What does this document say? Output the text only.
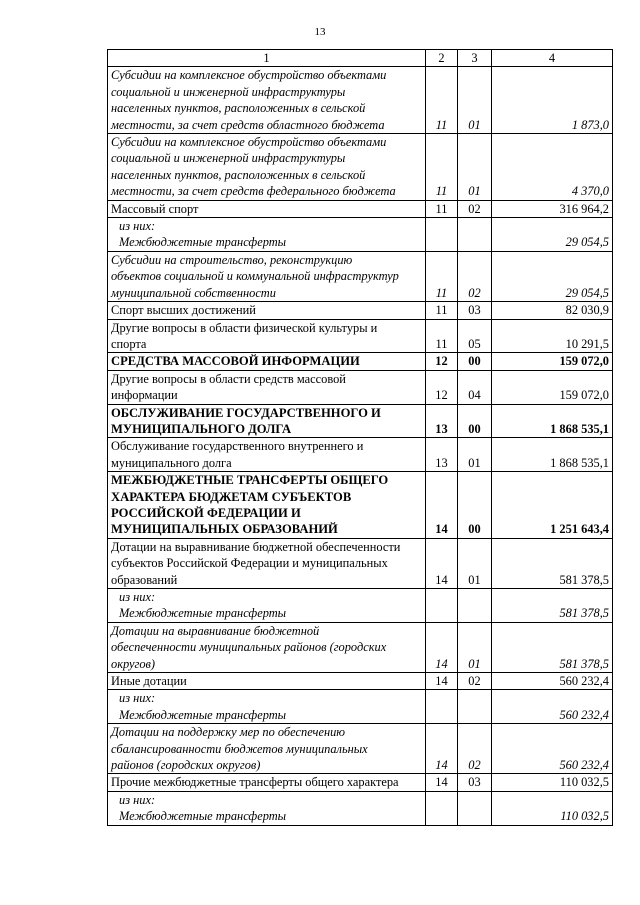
13
1	2	3	4

Субсидии на комплексное обустройство объектами
социальной и инженерной инфраструктуры
населенных пунктов, расположенных в сельской
местности, за счет средств областного бюджета	11	01	1 873,0

Субсидии на комплексное обустройство объектами
социальной и инженерной инфраструктуры
населенных пунктов, расположенных в сельской
местности, за счет средств федерального бюджета	11	01	4 370,0

Массовый спорт	11	02	316 964,2

из них:
Межбюджетные трансферты			29 054,5

Субсидии на строительство, реконструкцию
объектов социальной и коммунальной инфраструктур
муниципальной собственности	11	02	29 054,5

Спорт высших достижений	11	03	82 030,9

Другие вопросы в области физической культуры и
спорта	11	05	10 291,5

СРЕДСТВА МАССОВОЙ ИНФОРМАЦИИ	12	00	159 072,0

Другие вопросы в области средств массовой
информации	12	04	159 072,0

ОБСЛУЖИВАНИЕ ГОСУДАРСТВЕННОГО И
МУНИЦИПАЛЬНОГО ДОЛГА	13	00	1 868 535,1

Обслуживание государственного внутреннего и
муниципального долга	13	01	1 868 535,1

МЕЖБЮДЖЕТНЫЕ ТРАНСФЕРТЫ ОБЩЕГО
ХАРАКТЕРА БЮДЖЕТАМ СУБЪЕКТОВ
РОССИЙСКОЙ ФЕДЕРАЦИИ И
МУНИЦИПАЛЬНЫХ ОБРАЗОВАНИЙ	14	00	1 251 643,4

Дотации на выравнивание бюджетной обеспеченности
субъектов Российской Федерации и муниципальных
образований	14	01	581 378,5

из них:
Межбюджетные трансферты			581 378,5

Дотации на выравнивание бюджетной
обеспеченности муниципальных районов (городских
округов)	14	01	581 378,5

Иные дотации	14	02	560 232,4

из них:
Межбюджетные трансферты			560 232,4

Дотации на поддержку мер по обеспечению
сбалансированности бюджетов муниципальных
районов (городских округов)	14	02	560 232,4

Прочие межбюджетные трансферты общего характера	14	03	110 032,5

из них:
Межбюджетные трансферты			110 032,5
